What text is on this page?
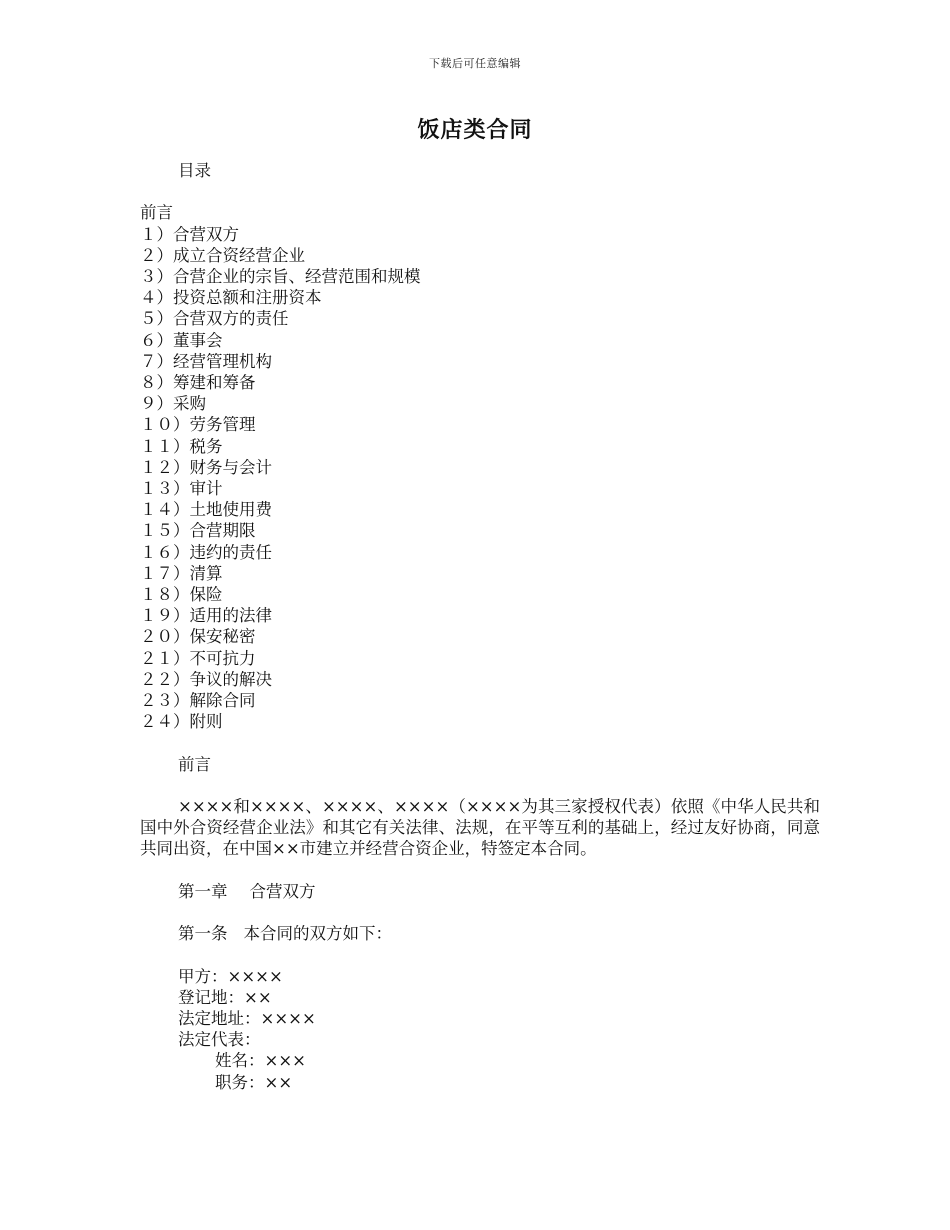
下载后可任意编辑
饭店类合同
目录
前言
１）合营双方
２）成立合资经营企业
３）合营企业的宗旨、经营范围和规模
４）投资总额和注册资本
５）合营双方的责任
６）董事会
７）经营管理机构
８）筹建和筹备
９）采购
１０）劳务管理
１１）税务
１２）财务与会计
１３）审计
１４）土地使用费
１５）合营期限
１６）违约的责任
１７）清算
１８）保险
１９）适用的法律
２０）保安秘密
２１）不可抗力
２２）争议的解决
２３）解除合同
２４）附则
前言
××××和××××、××××、××××（××××为其三家授权代表）依照《中华人民共和国中外合资经营企业法》和其它有关法律、法规，在平等互利的基础上，经过友好协商，同意共同出资，在中国××市建立并经营合资企业，特签定本合同。
第一章 合营双方
第一条 本合同的双方如下：
甲方：××××
登记地：××
法定地址：××××
法定代表：
姓名：×××
职务：××
